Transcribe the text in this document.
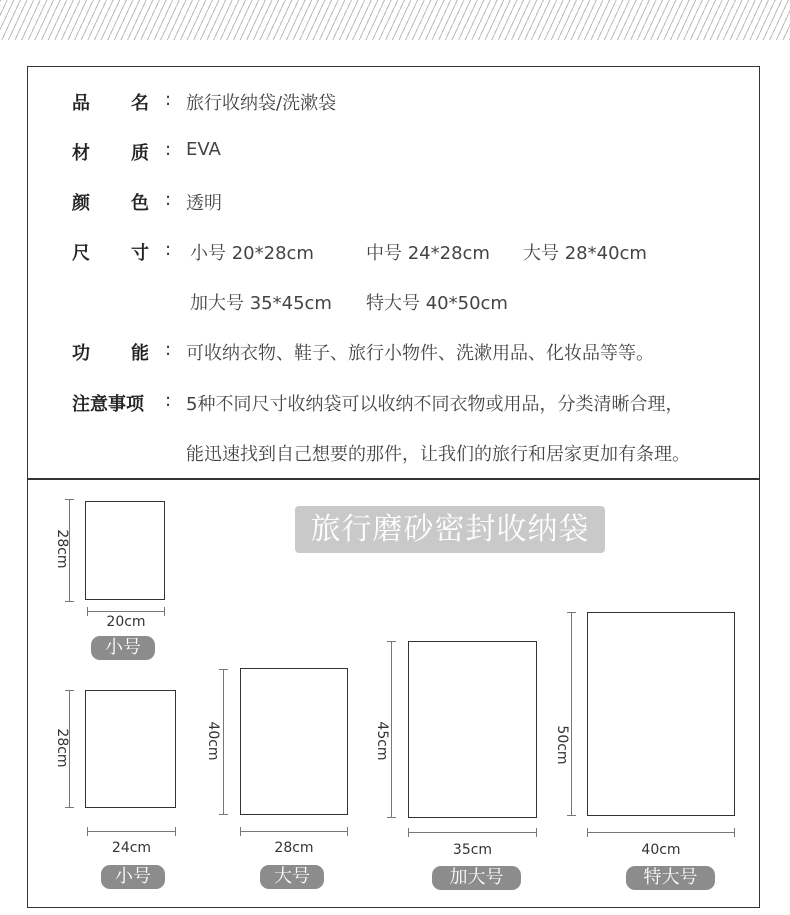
品 名 : 旅行收纳袋/洗漱袋
材 质 : EVA
颜 色 : 透明
尺 寸 : 小号 20*28cm	中号 24*28cm 大号 28*40cm
加大号 35*45cm 特大号 40*50cm
功 能 : 可收纳衣物、鞋子、旅行小物件、洗漱用品、化妆品等等。
注意事项 : 5种不同尺寸收纳袋可以收纳不同衣物或用品，分类清晰合理，
能迅速找到自己想要的那件，让我们的旅行和居家更加有条理。
旅行磨砂密封收纳袋
28cm
20cm
小号
28cm
24cm
小号
40cm
28cm
大号
45cm
35cm
加大号
50cm
40cm
特大号
